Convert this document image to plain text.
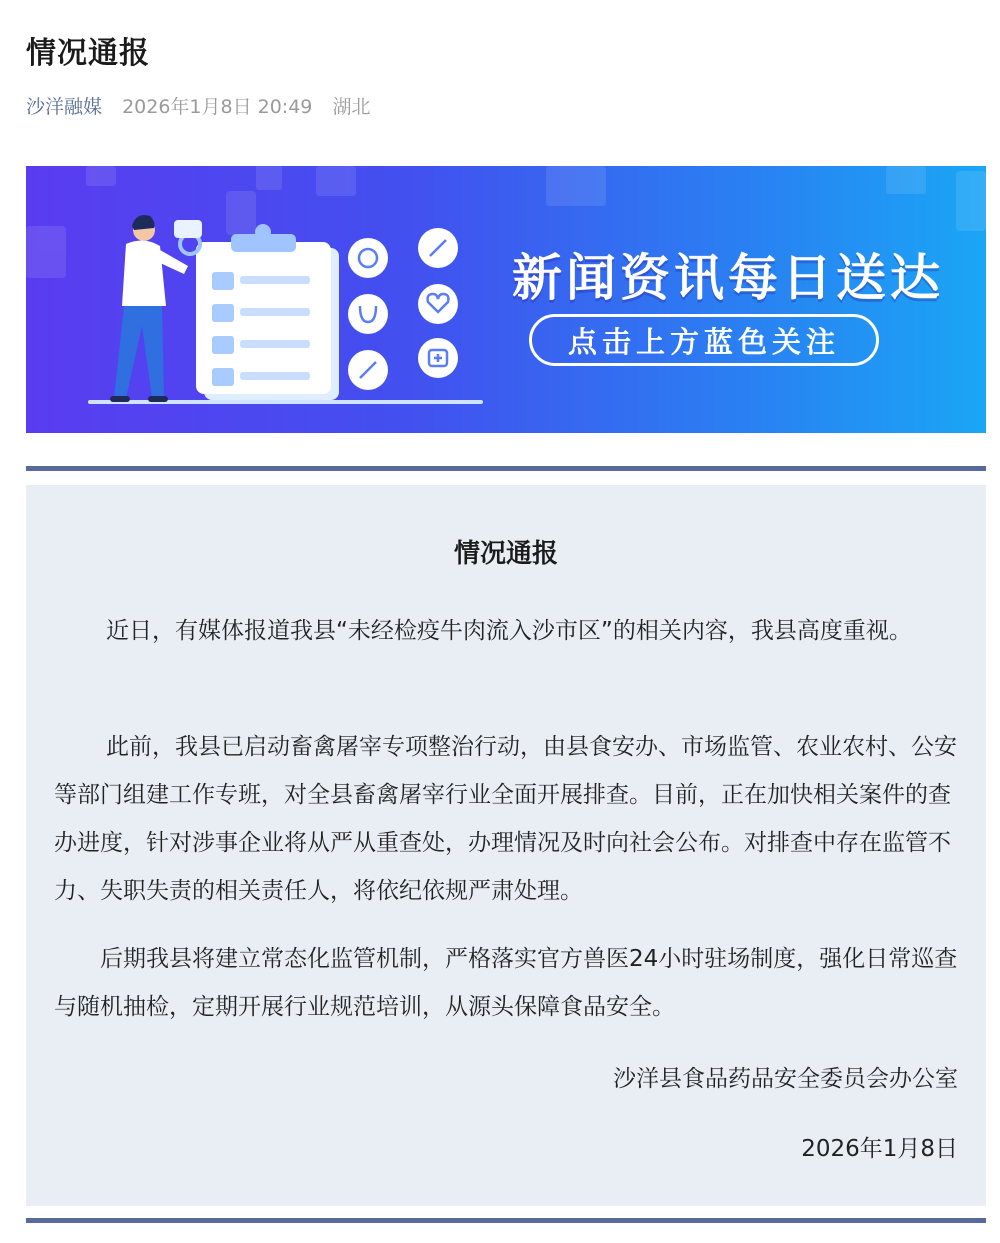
情况通报
沙洋融媒 2026年1月8日 20:49 湖北
新闻资讯每日送达
点击上方蓝色关注
情况通报

近日，有媒体报道我县“未经检疫牛肉流入沙市区”的相关内容，我县高度重视。

此前，我县已启动畜禽屠宰专项整治行动，由县食安办、市场监管、农业农村、公安等部门组建工作专班，对全县畜禽屠宰行业全面开展排查。目前，正在加快相关案件的查办进度，针对涉事企业将从严从重查处，办理情况及时向社会公布。对排查中存在监管不力、失职失责的相关责任人，将依纪依规严肃处理。

后期我县将建立常态化监管机制，严格落实官方兽医24小时驻场制度，强化日常巡查与随机抽检，定期开展行业规范培训，从源头保障食品安全。

沙洋县食品药品安全委员会办公室
2026年1月8日
